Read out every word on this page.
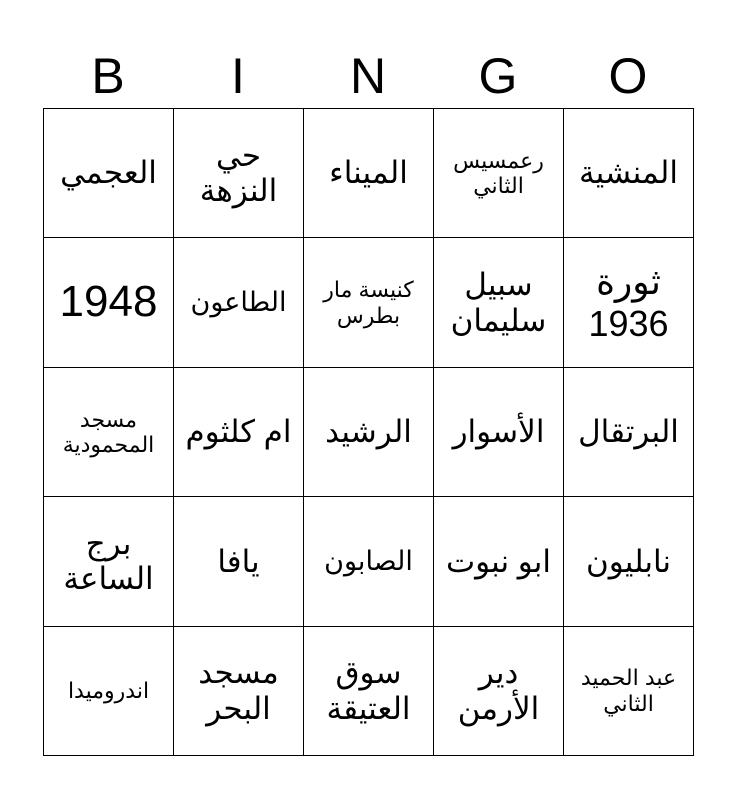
B	I	N	G	O
العجمي	حي النزهة	الميناء	رعمسيس الثاني	المنشية
1948	الطاعون	كنيسة مار بطرس	سبيل سليمان	ثورة 1936
مسجد المحمودية	ام كلثوم	الرشيد	الأسوار	البرتقال
برج الساعة	يافا	الصابون	ابو نبوت	نابليون
اندروميدا	مسجد البحر	سوق العتيقة	دير الأرمن	عبد الحميد الثاني
